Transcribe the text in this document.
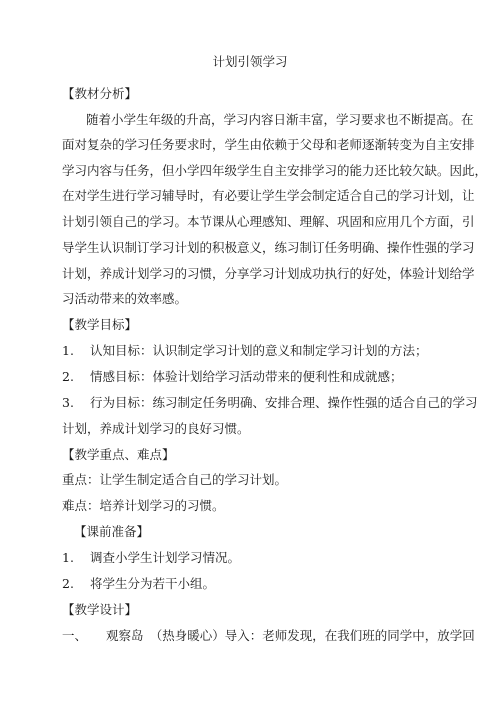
计划引领学习
【教材分析】
随着小学生年级的升高，学习内容日渐丰富，学习要求也不断提高。在
面对复杂的学习任务要求时，学生由依赖于父母和老师逐渐转变为自主安排
学习内容与任务，但小学四年级学生自主安排学习的能力还比较欠缺。因此，
在对学生进行学习辅导时，有必要让学生学会制定适合自己的学习计划，让
计划引领自己的学习。本节课从心理感知、理解、巩固和应用几个方面，引
导学生认识制订学习计划的积极意义，练习制订任务明确、操作性强的学习
计划，养成计划学习的习惯，分享学习计划成功执行的好处，体验计划给学
习活动带来的效率感。
【教学目标】
1. 认知目标：认识制定学习计划的意义和制定学习计划的方法；
2. 情感目标：体验计划给学习活动带来的便利性和成就感；
3. 行为目标：练习制定任务明确、安排合理、操作性强的适合自己的学习
计划，养成计划学习的良好习惯。
【教学重点、难点】
重点：让学生制定适合自己的学习计划。
难点：培养计划学习的习惯。
【课前准备】
1. 调查小学生计划学习情况。
2. 将学生分为若干小组。
【教学设计】
一、 观察岛　（热身暖心）导入：老师发现，在我们班的同学中，放学回
